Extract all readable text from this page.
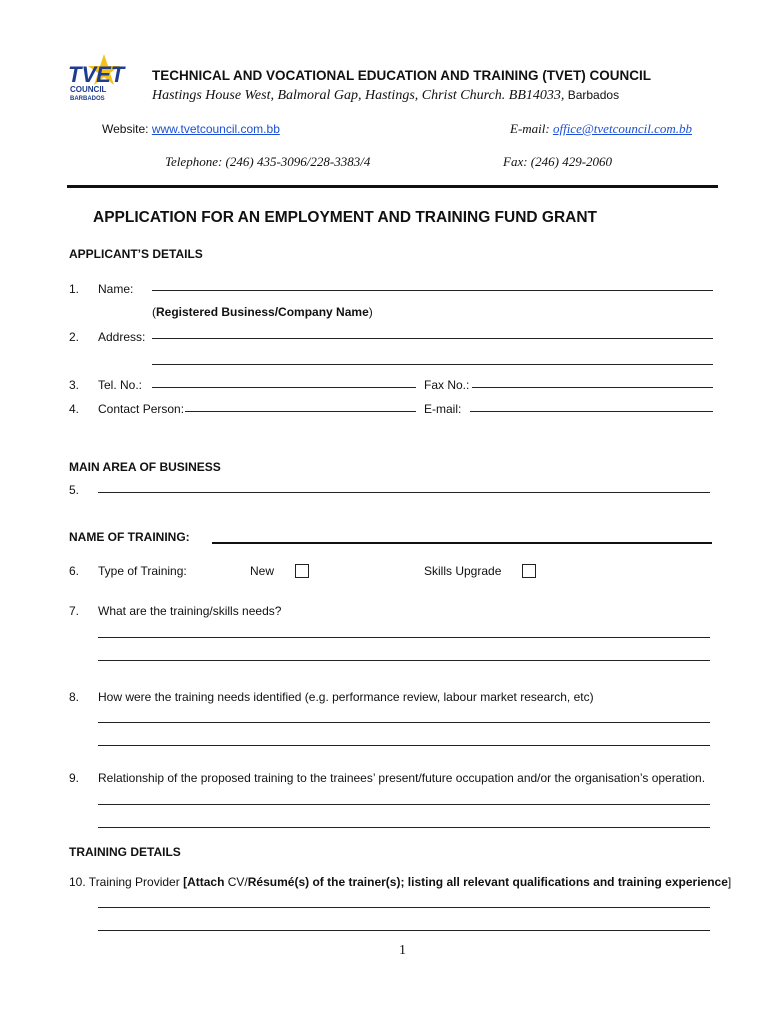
TVET
COUNCIL
BARBADOS
TECHNICAL AND VOCATIONAL EDUCATION AND TRAINING (TVET) COUNCIL
Hastings House West, Balmoral Gap, Hastings, Christ Church. BB14033, Barbados
Website: www.tvetcouncil.com.bb	E-mail: office@tvetcouncil.com.bb
Telephone: (246) 435-3096/228-3383/4	Fax: (246) 429-2060
APPLICATION FOR AN EMPLOYMENT AND TRAINING FUND GRANT
APPLICANT’S DETAILS
1. Name:
(Registered Business/Company Name)
2. Address:
3. Tel. No.:	Fax No.:
4. Contact Person:	E-mail:
MAIN AREA OF BUSINESS
5.
NAME OF TRAINING:
6. Type of Training:	New	Skills Upgrade
7. What are the training/skills needs?
8. How were the training needs identified (e.g. performance review, labour market research, etc)
9. Relationship of the proposed training to the trainees’ present/future occupation and/or the organisation’s operation.
TRAINING DETAILS
10. Training Provider [Attach CV/Résumé(s) of the trainer(s); listing all relevant qualifications and training experience]
1
